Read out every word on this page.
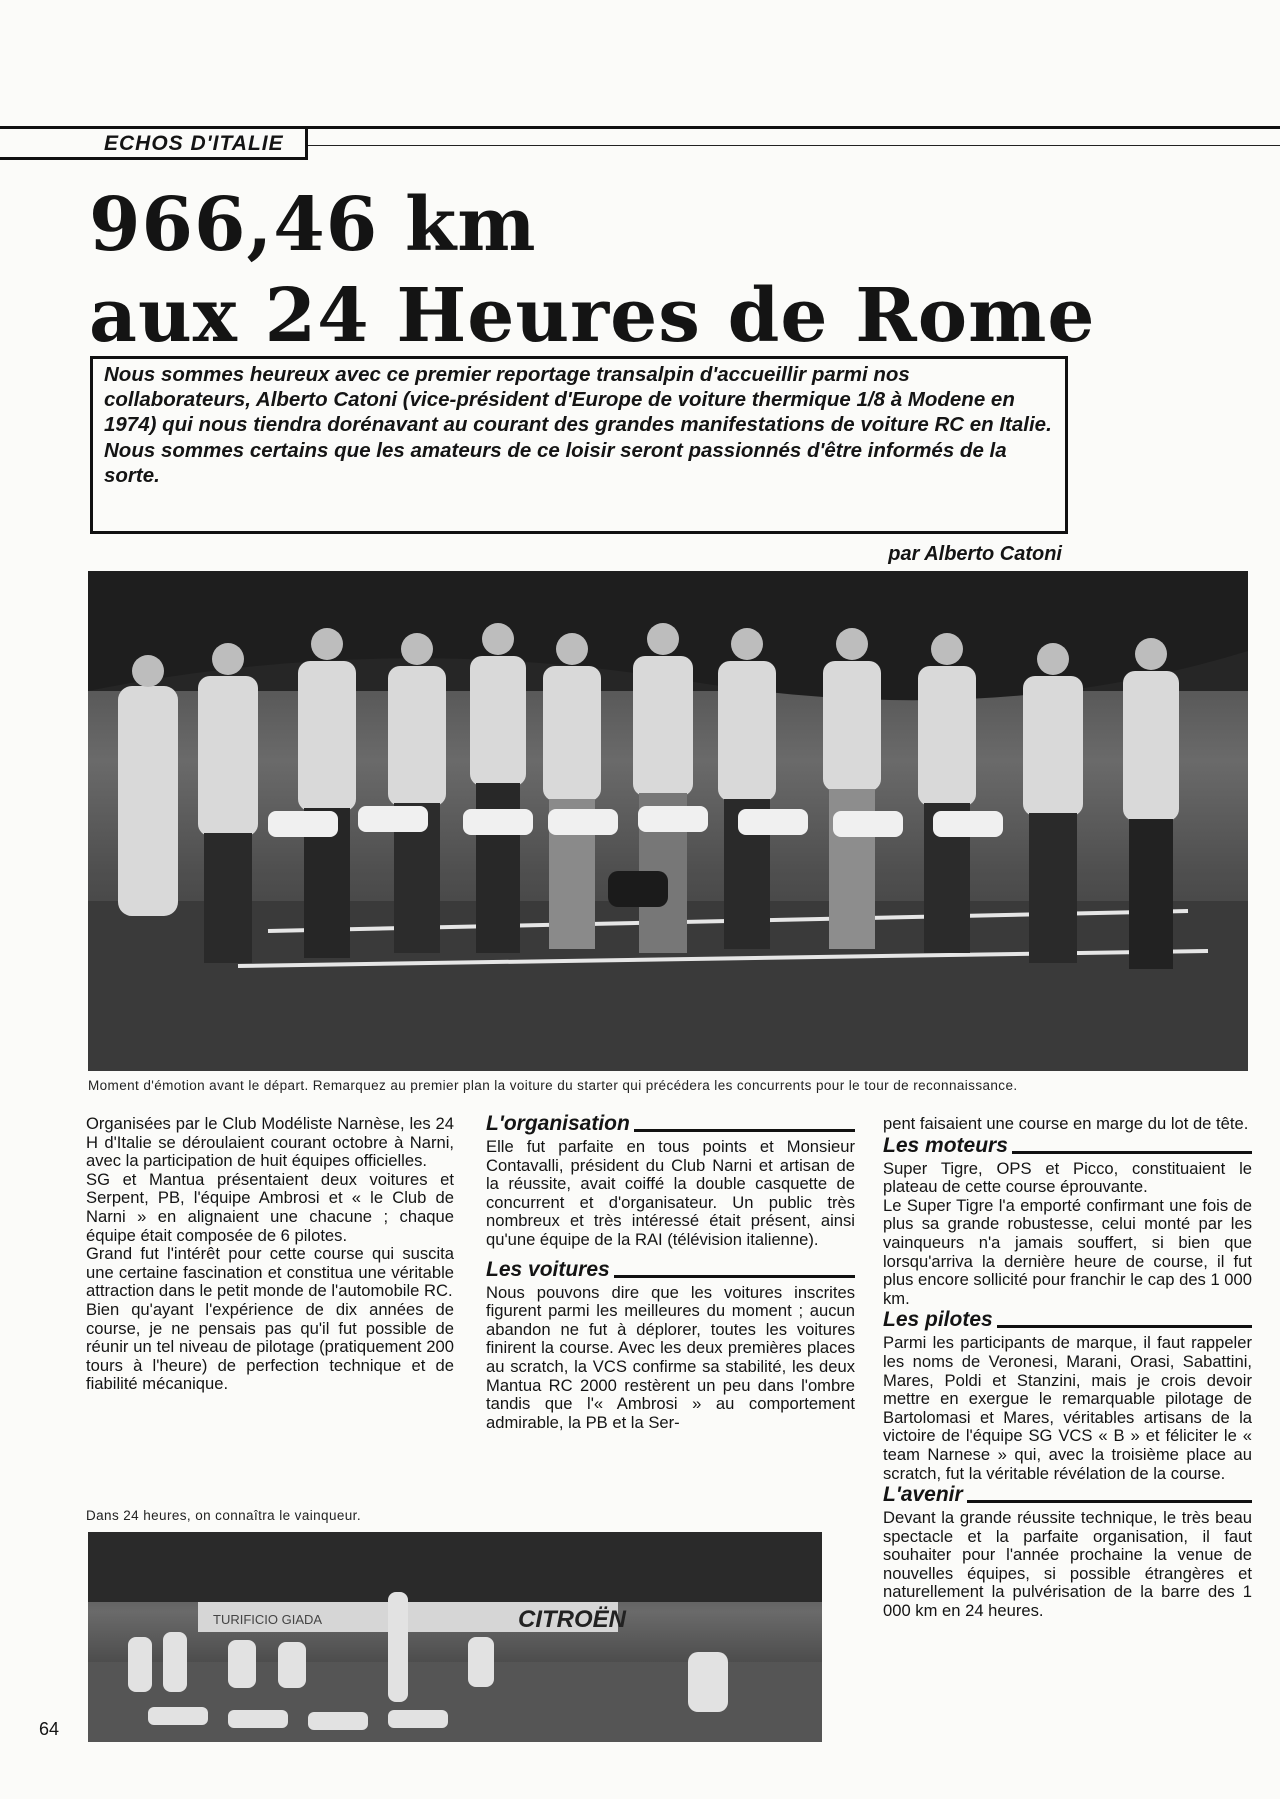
ECHOS D'ITALIE
966,46 km
aux 24 Heures de Rome

Nous sommes heureux avec ce premier reportage transalpin d'accueillir parmi nos collaborateurs, Alberto Catoni (vice-président d'Europe de voiture thermique 1/8 à Modene en 1974) qui nous tiendra dorénavant au courant des grandes manifestations de voiture RC en Italie. Nous sommes certains que les amateurs de ce loisir seront passionnés d'être informés de la sorte.

par Alberto Catoni
Moment d'émotion avant le départ. Remarquez au premier plan la voiture du starter qui précédera les concurrents pour le tour de reconnaissance.

Organisées par le Club Modéliste Narnèse, les 24 H d'Italie se déroulaient courant octobre à Narni, avec la participation de huit équipes officielles.

SG et Mantua présentaient deux voitures et Serpent, PB, l'équipe Ambrosi et « le Club de Narni » en alignaient une chacune ; chaque équipe était composée de 6 pilotes.

Grand fut l'intérêt pour cette course qui suscita une certaine fascination et constitua une véritable attraction dans le petit monde de l'automobile RC.

Bien qu'ayant l'expérience de dix années de course, je ne pensais pas qu'il fut possible de réunir un tel niveau de pilotage (pratiquement 200 tours à l'heure) de perfection technique et de fiabilité mécanique.

Dans 24 heures, on connaîtra le vainqueur.
TURIFICIO GIADA	CITROËN
L'organisation

Elle fut parfaite en tous points et Monsieur Contavalli, président du Club Narni et artisan de la réussite, avait coiffé la double casquette de concurrent et d'organisateur. Un public très nombreux et très intéressé était présent, ainsi qu'une équipe de la RAI (télévision italienne).

Les voitures

Nous pouvons dire que les voitures inscrites figurent parmi les meilleures du moment ; aucun abandon ne fut à déplorer, toutes les voitures finirent la course. Avec les deux premières places au scratch, la VCS confirme sa stabilité, les deux Mantua RC 2000 restèrent un peu dans l'ombre tandis que l'« Ambrosi » au comportement admirable, la PB et la Ser-

pent faisaient une course en marge du lot de tête.

Les moteurs

Super Tigre, OPS et Picco, constituaient le plateau de cette course éprouvante.

Le Super Tigre l'a emporté confirmant une fois de plus sa grande robustesse, celui monté par les vainqueurs n'a jamais souffert, si bien que lorsqu'arriva la dernière heure de course, il fut plus encore sollicité pour franchir le cap des 1 000 km.

Les pilotes

Parmi les participants de marque, il faut rappeler les noms de Veronesi, Marani, Orasi, Sabattini, Mares, Poldi et Stanzini, mais je crois devoir mettre en exergue le remarquable pilotage de Bartolomasi et Mares, véritables artisans de la victoire de l'équipe SG VCS « B » et féliciter le « team Narnese » qui, avec la troisième place au scratch, fut la véritable révélation de la course.

L'avenir

Devant la grande réussite technique, le très beau spectacle et la parfaite organisation, il faut souhaiter pour l'année prochaine la venue de nouvelles équipes, si possible étrangères et naturellement la pulvérisation de la barre des 1 000 km en 24 heures.

64
